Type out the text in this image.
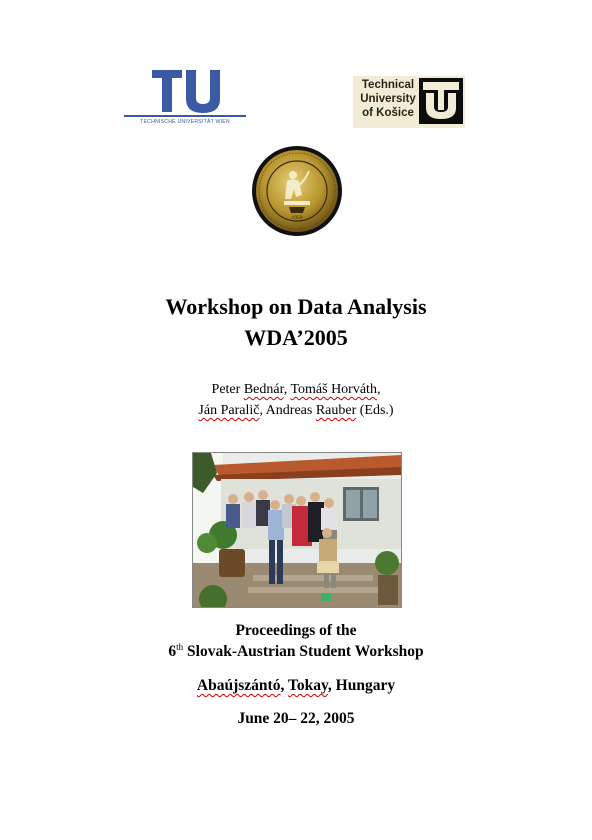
TECHNISCHE UNIVERSITÄT WIEN
Technical
University
of Košice
1959
Workshop on Data Analysis
WDA’2005
Peter Bednár, Tomáš Horváth,
Ján Paralič, Andreas Rauber (Eds.)
Proceedings of the
6th Slovak-Austrian Student Workshop
Abaújszántó, Tokay, Hungary
June 20– 22, 2005
